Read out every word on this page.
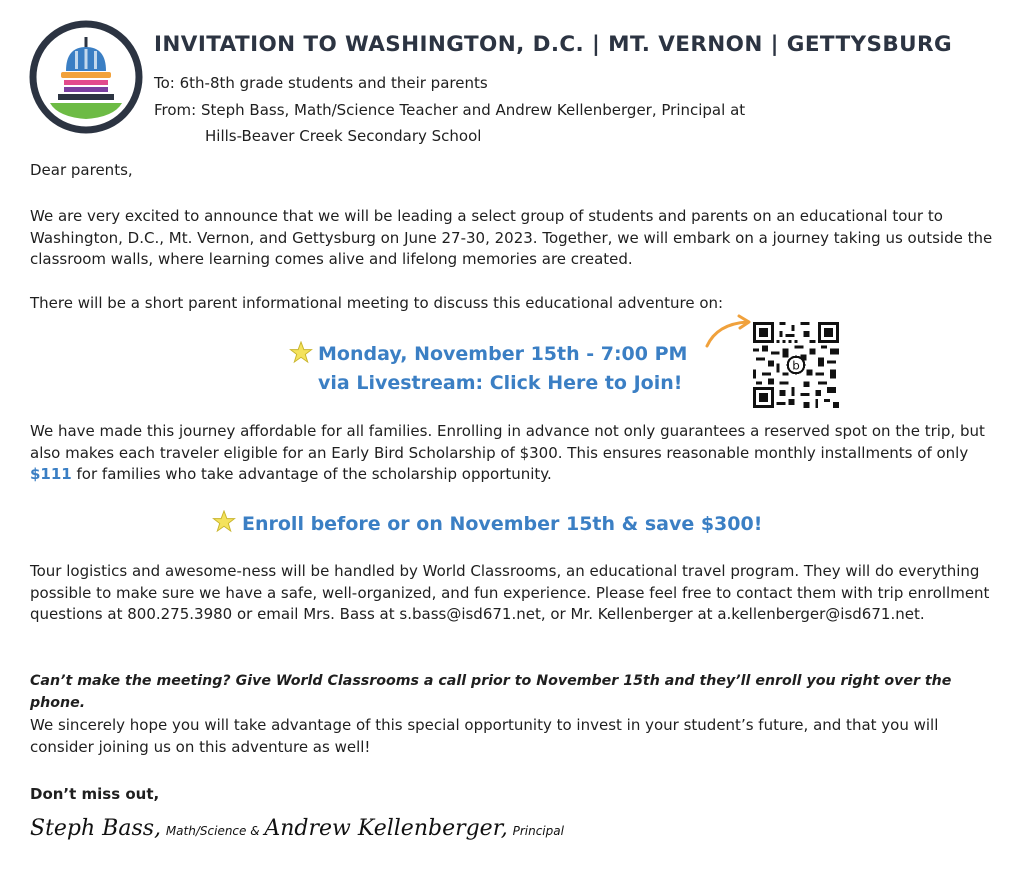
INVITATION TO WASHINGTON, D.C. | MT. VERNON | GETTYSBURG
To: 6th-8th grade students and their parents
From: Steph Bass, Math/Science Teacher and Andrew Kellenberger, Principal at
Hills-Beaver Creek Secondary School
Dear parents,
We are very excited to announce that we will be leading a select group of students and parents on an educational tour to Washington, D.C., Mt. Vernon, and Gettysburg on June 27-30, 2023. Together, we will embark on a journey taking us outside the classroom walls, where learning comes alive and lifelong memories are created.
There will be a short parent informational meeting to discuss this educational adventure on:
Monday, November 15th - 7:00 PM
via Livestream: Click Here to Join!
b
We have made this journey affordable for all families. Enrolling in advance not only guarantees a reserved spot on the trip, but also makes each traveler eligible for an Early Bird Scholarship of $300. This ensures reasonable monthly installments of only $111 for families who take advantage of the scholarship opportunity.
Enroll before or on November 15th & save $300!
Tour logistics and awesome-ness will be handled by World Classrooms, an educational travel program. They will do everything possible to make sure we have a safe, well-organized, and fun experience. Please feel free to contact them with trip enrollment questions at 800.275.3980 or email Mrs. Bass at s.bass@isd671.net, or Mr. Kellenberger at a.kellenberger@isd671.net.
Can’t make the meeting? Give World Classrooms a call prior to November 15th and they’ll enroll you right over the phone.
We sincerely hope you will take advantage of this special opportunity to invest in your student’s future, and that you will consider joining us on this adventure as well!
Don’t miss out,
Steph Bass, Math/Science & Andrew Kellenberger, Principal
